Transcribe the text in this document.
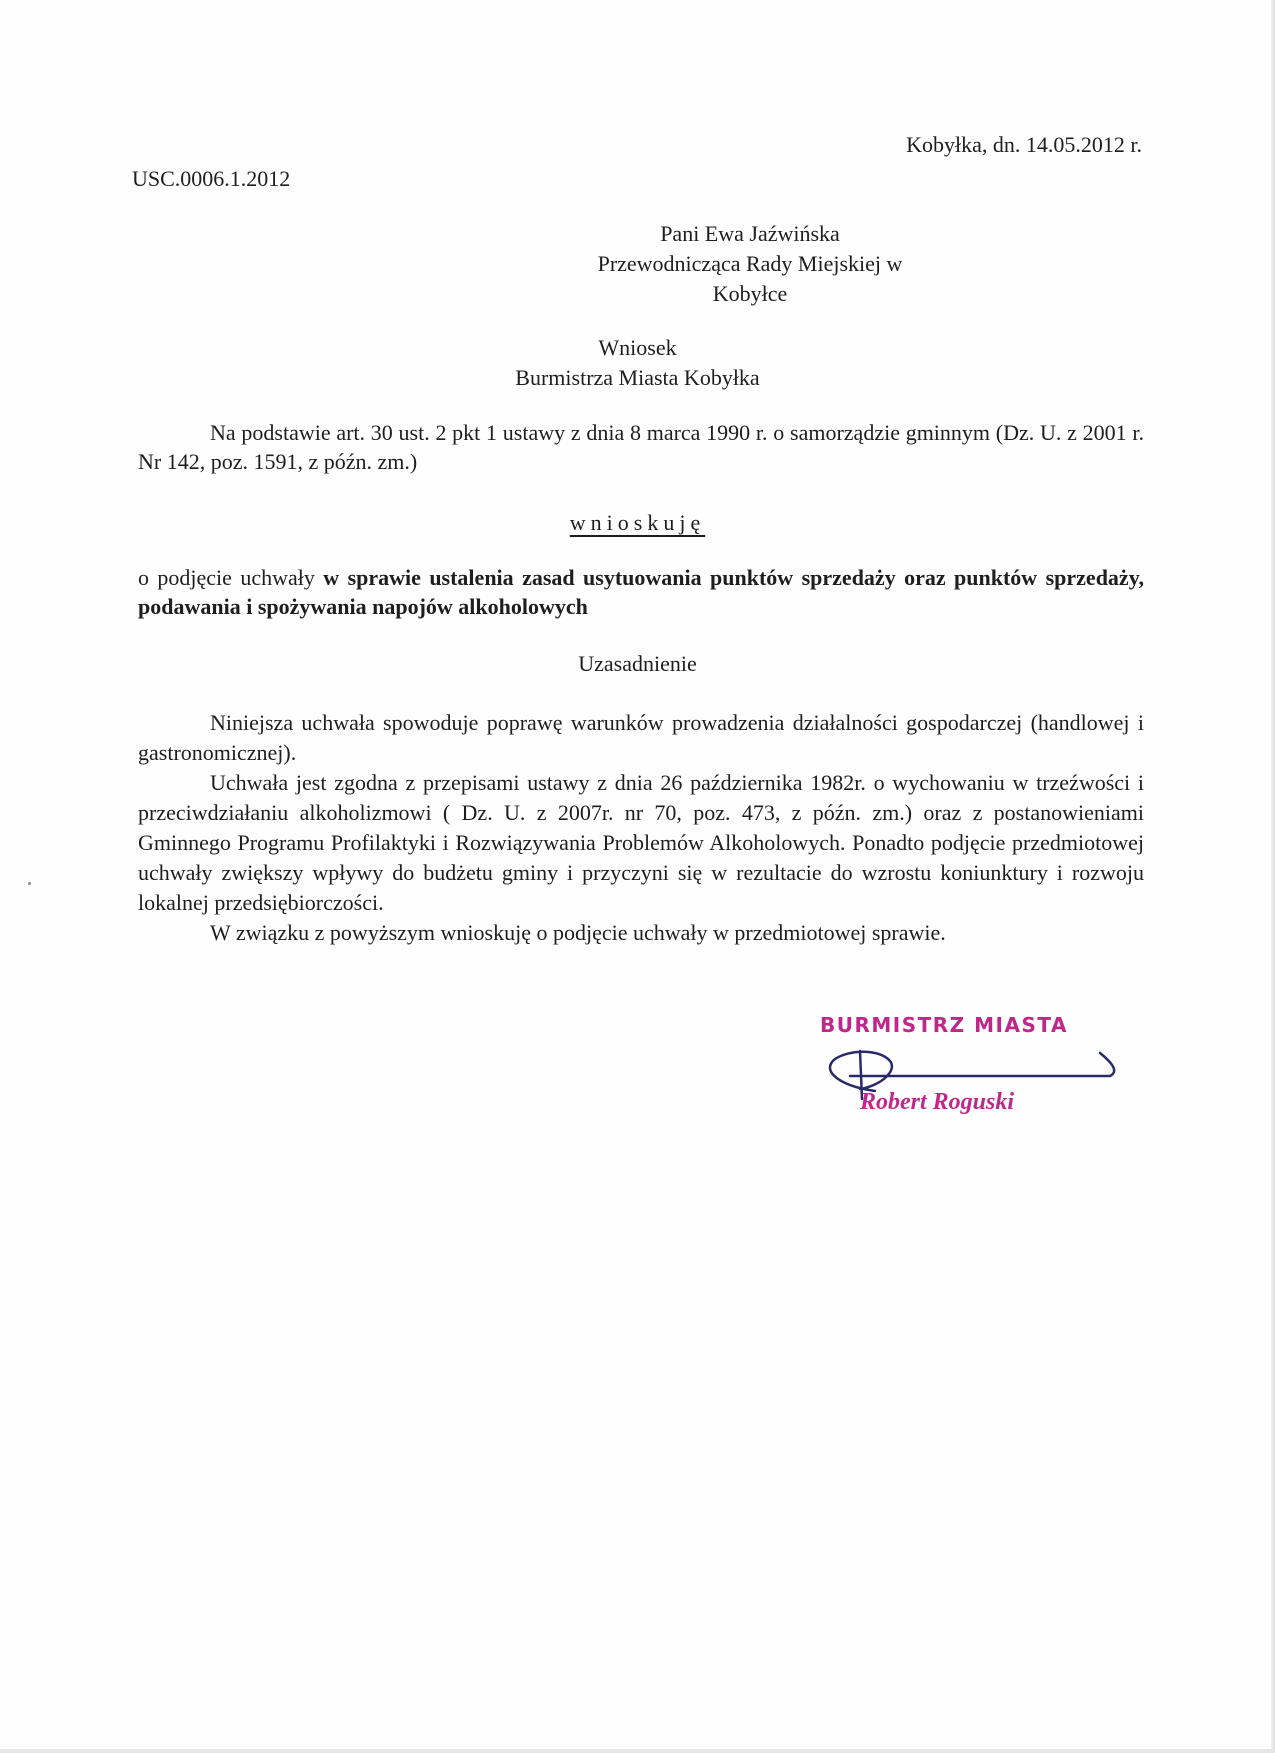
USC.0006.1.2012
Kobyłka, dn. 14.05.2012 r.
Pani Ewa Jaźwińska
Przewodnicząca Rady Miejskiej w Kobyłce
Wniosek
Burmistrza Miasta Kobyłka
Na podstawie art. 30 ust. 2 pkt 1 ustawy z dnia 8 marca 1990 r. o samorządzie gminnym (Dz. U. z 2001 r. Nr 142, poz. 1591, z późn. zm.)
wnioskuję
o podjęcie uchwały w sprawie ustalenia zasad usytuowania punktów sprzedaży oraz punktów sprzedaży, podawania i spożywania napojów alkoholowych
Uzasadnienie
Niniejsza uchwała spowoduje poprawę warunków prowadzenia działalności gospodarczej (handlowej i gastronomicznej).
Uchwała jest zgodna z przepisami ustawy z dnia 26 października 1982r. o wychowaniu w trzeźwości i przeciwdziałaniu alkoholizmowi ( Dz. U. z 2007r. nr 70, poz. 473, z późn. zm.) oraz z postanowieniami Gminnego Programu Profilaktyki i Rozwiązywania Problemów Alkoholowych. Ponadto podjęcie przedmiotowej uchwały zwiększy wpływy do budżetu gminy i przyczyni się w rezultacie do wzrostu koniunktury i rozwoju lokalnej przedsiębiorczości.
W związku z powyższym wnioskuję o podjęcie uchwały w przedmiotowej sprawie.
BURMISTRZ MIASTA
Robert Roguski
